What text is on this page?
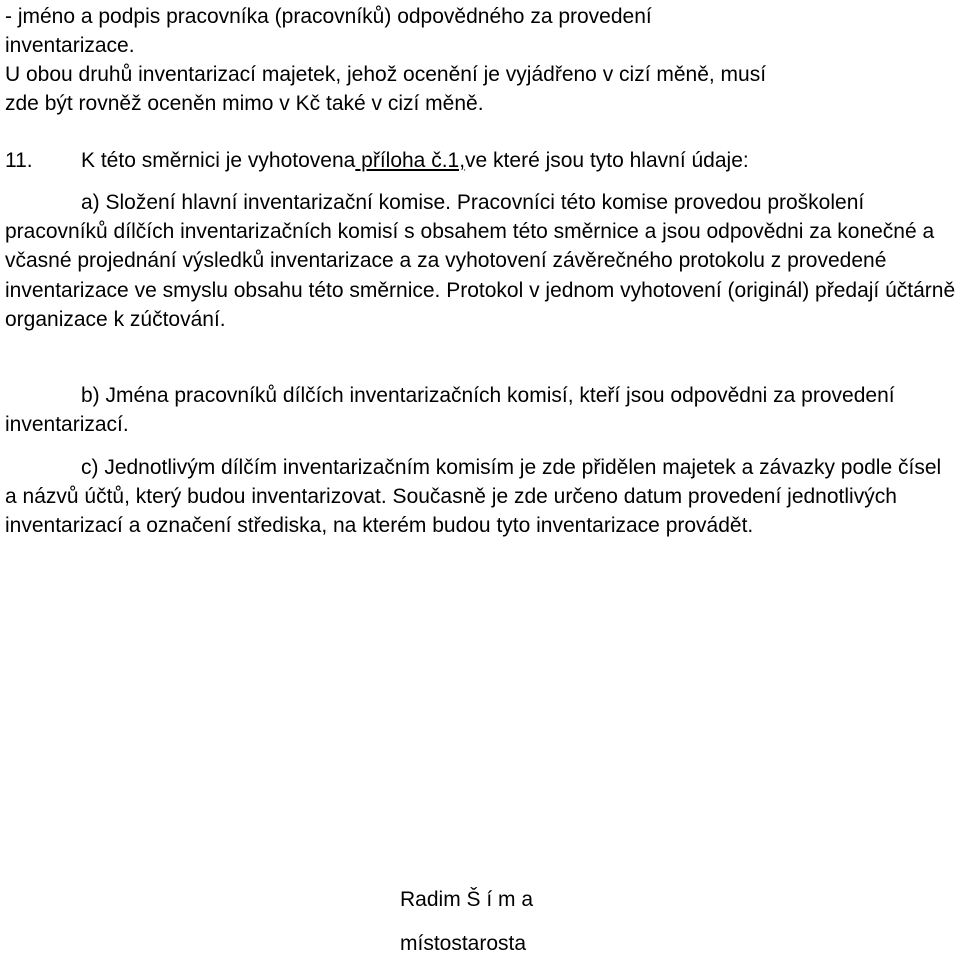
- jméno a podpis pracovníka (pracovníků) odpovědného za provedení
inventarizace.
U obou druhů inventarizací majetek, jehož ocenění je vyjádřeno v cizí měně, musí
zde být rovněž oceněn mimo v Kč také v cizí měně.
11. K této směrnici je vyhotovena příloha č.1,ve které jsou tyto hlavní údaje:

a) Složení hlavní inventarizační komise. Pracovníci této komise provedou proškolení pracovníků dílčích inventarizačních komisí s obsahem této směrnice a jsou odpovědni za konečné a včasné projednání výsledků inventarizace a za vyhotovení závěrečného protokolu z provedené inventarizace ve smyslu obsahu této směrnice. Protokol v jednom vyhotovení (originál) předají účtárně organizace k zúčtování.

b) Jména pracovníků dílčích inventarizačních komisí, kteří jsou odpovědni za provedení inventarizací.

c) Jednotlivým dílčím inventarizačním komisím je zde přidělen majetek a závazky podle čísel a názvů účtů, který budou inventarizovat. Současně je zde určeno datum provedení jednotlivých inventarizací a označení střediska, na kterém budou tyto inventarizace provádět.

Radim Š í m a
místostarosta
